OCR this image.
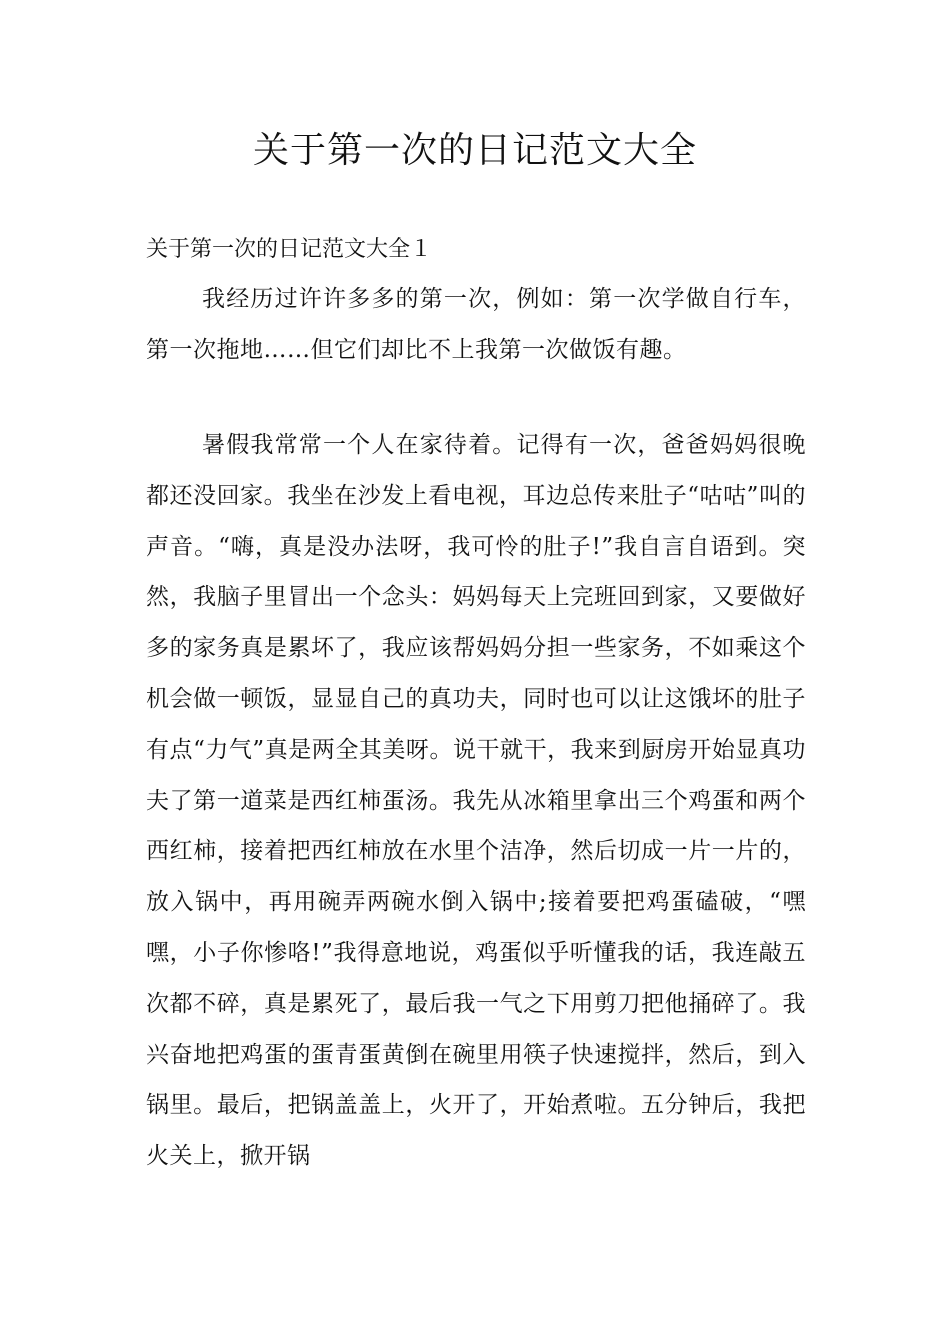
关于第一次的日记范文大全
关于第一次的日记范文大全１

我经历过许许多多的第一次，例如：第一次学做自行车，第一次拖地……但它们却比不上我第一次做饭有趣。

暑假我常常一个人在家待着。记得有一次，爸爸妈妈很晚都还没回家。我坐在沙发上看电视，耳边总传来肚子“咕咕”叫的声音。“嗨，真是没办法呀，我可怜的肚子!”我自言自语到。突然，我脑子里冒出一个念头：妈妈每天上完班回到家，又要做好多的家务真是累坏了，我应该帮妈妈分担一些家务，不如乘这个机会做一顿饭，显显自己的真功夫，同时也可以让这饿坏的肚子有点“力气”真是两全其美呀。说干就干，我来到厨房开始显真功夫了第一道菜是西红柿蛋汤。我先从冰箱里拿出三个鸡蛋和两个西红柿，接着把西红柿放在水里个洁净，然后切成一片一片的，放入锅中，再用碗弄两碗水倒入锅中;接着要把鸡蛋磕破，“嘿嘿，小子你惨咯!”我得意地说，鸡蛋似乎听懂我的话，我连敲五次都不碎，真是累死了，最后我一气之下用剪刀把他捅碎了。我兴奋地把鸡蛋的蛋青蛋黄倒在碗里用筷子快速搅拌，然后，到入锅里。最后，把锅盖盖上，火开了，开始煮啦。五分钟后，我把火关上，掀开锅
